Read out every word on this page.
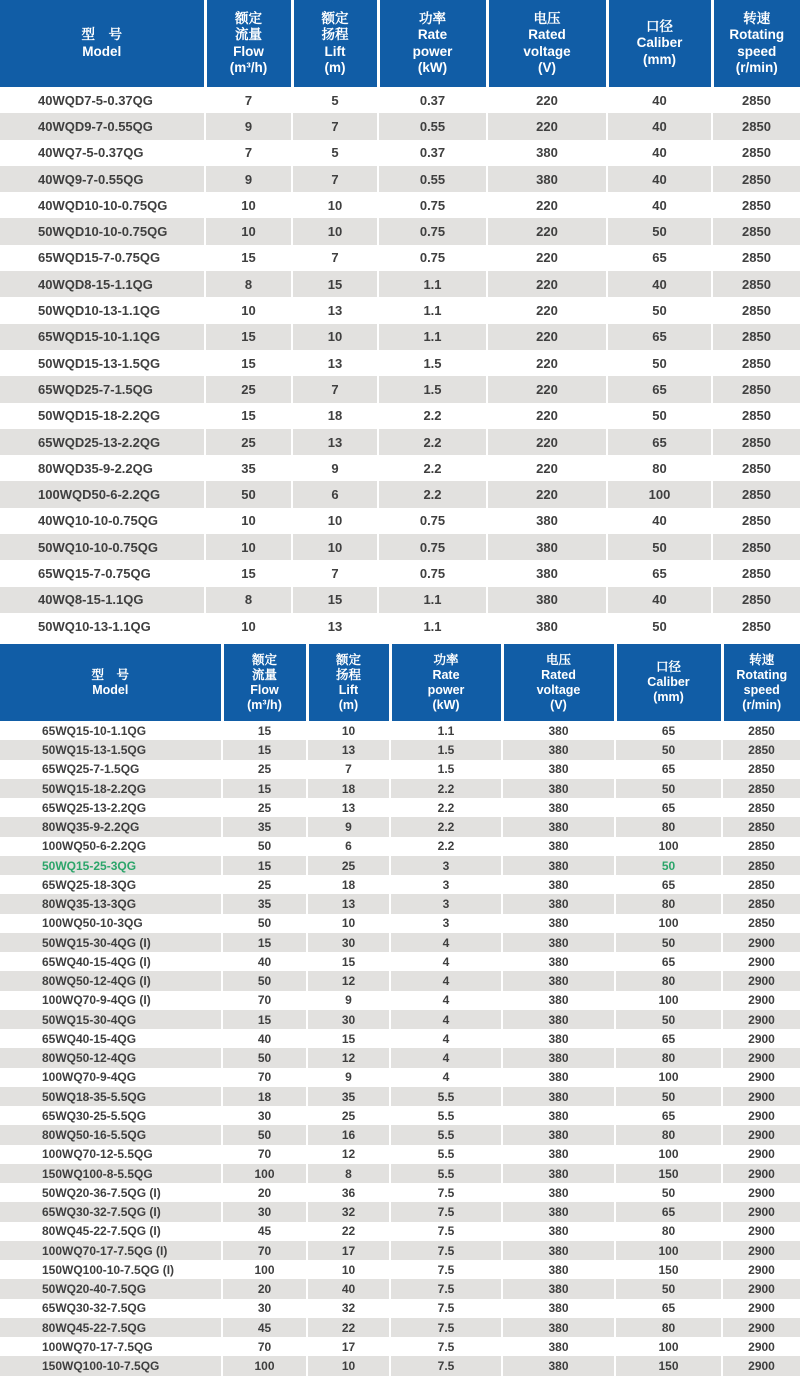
型　号
Model

额定
流量
Flow
(m³/h)

额定
扬程
Lift
(m)

功率
Rate
power
(kW)

电压
Rated
voltage
(V)

口径
Caliber
(mm)

转速
Rotating
speed
(r/min)

40WQD7-5-0.37QG	7	5	0.37	220	40	2850
40WQD9-7-0.55QG	9	7	0.55	220	40	2850
40WQ7-5-0.37QG	7	5	0.37	380	40	2850
40WQ9-7-0.55QG	9	7	0.55	380	40	2850
40WQD10-10-0.75QG	10	10	0.75	220	40	2850
50WQD10-10-0.75QG	10	10	0.75	220	50	2850
65WQD15-7-0.75QG	15	7	0.75	220	65	2850
40WQD8-15-1.1QG	8	15	1.1	220	40	2850
50WQD10-13-1.1QG	10	13	1.1	220	50	2850
65WQD15-10-1.1QG	15	10	1.1	220	65	2850
50WQD15-13-1.5QG	15	13	1.5	220	50	2850
65WQD25-7-1.5QG	25	7	1.5	220	65	2850
50WQD15-18-2.2QG	15	18	2.2	220	50	2850
65WQD25-13-2.2QG	25	13	2.2	220	65	2850
80WQD35-9-2.2QG	35	9	2.2	220	80	2850
100WQD50-6-2.2QG	50	6	2.2	220	100	2850
40WQ10-10-0.75QG	10	10	0.75	380	40	2850
50WQ10-10-0.75QG	10	10	0.75	380	50	2850
65WQ15-7-0.75QG	15	7	0.75	380	65	2850
40WQ8-15-1.1QG	8	15	1.1	380	40	2850
50WQ10-13-1.1QG	10	13	1.1	380	50	2850
型　号
Model

额定
流量
Flow
(m³/h)

额定
扬程
Lift
(m)

功率
Rate
power
(kW)

电压
Rated
voltage
(V)

口径
Caliber
(mm)

转速
Rotating
speed
(r/min)

65WQ15-10-1.1QG	15	10	1.1	380	65	2850
50WQ15-13-1.5QG	15	13	1.5	380	50	2850
65WQ25-7-1.5QG	25	7	1.5	380	65	2850
50WQ15-18-2.2QG	15	18	2.2	380	50	2850
65WQ25-13-2.2QG	25	13	2.2	380	65	2850
80WQ35-9-2.2QG	35	9	2.2	380	80	2850
100WQ50-6-2.2QG	50	6	2.2	380	100	2850
50WQ15-25-3QG	15	25	3	380	50	2850
65WQ25-18-3QG	25	18	3	380	65	2850
80WQ35-13-3QG	35	13	3	380	80	2850
100WQ50-10-3QG	50	10	3	380	100	2850
50WQ15-30-4QG (I)	15	30	4	380	50	2900
65WQ40-15-4QG (I)	40	15	4	380	65	2900
80WQ50-12-4QG (I)	50	12	4	380	80	2900
100WQ70-9-4QG (I)	70	9	4	380	100	2900
50WQ15-30-4QG	15	30	4	380	50	2900
65WQ40-15-4QG	40	15	4	380	65	2900
80WQ50-12-4QG	50	12	4	380	80	2900
100WQ70-9-4QG	70	9	4	380	100	2900
50WQ18-35-5.5QG	18	35	5.5	380	50	2900
65WQ30-25-5.5QG	30	25	5.5	380	65	2900
80WQ50-16-5.5QG	50	16	5.5	380	80	2900
100WQ70-12-5.5QG	70	12	5.5	380	100	2900
150WQ100-8-5.5QG	100	8	5.5	380	150	2900
50WQ20-36-7.5QG (I)	20	36	7.5	380	50	2900
65WQ30-32-7.5QG (I)	30	32	7.5	380	65	2900
80WQ45-22-7.5QG (I)	45	22	7.5	380	80	2900
100WQ70-17-7.5QG (I)	70	17	7.5	380	100	2900
150WQ100-10-7.5QG (I)	100	10	7.5	380	150	2900
50WQ20-40-7.5QG	20	40	7.5	380	50	2900
65WQ30-32-7.5QG	30	32	7.5	380	65	2900
80WQ45-22-7.5QG	45	22	7.5	380	80	2900
100WQ70-17-7.5QG	70	17	7.5	380	100	2900
150WQ100-10-7.5QG	100	10	7.5	380	150	2900
